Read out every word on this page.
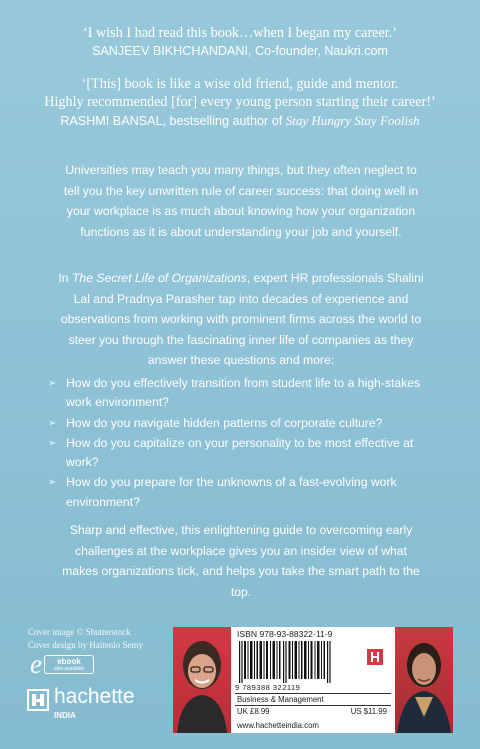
‘I wish I had read this book…when I began my career.’

SANJEEV BIKHCHANDANI, Co-founder, Naukri.com

‘[This] book is like a wise old friend, guide and mentor.

Highly recommended [for] every young person starting their career!’

RASHMI BANSAL, bestselling author of Stay Hungry Stay Foolish

Universities may teach you many things, but they often neglect to tell you the key unwritten rule of career success: that doing well in your workplace is as much about knowing how your organization functions as it is about understanding your job and yourself.

In The Secret Life of Organizations, expert HR professionals Shalini Lal and Pradnya Parasher tap into decades of experience and observations from working with prominent firms across the world to steer you through the fascinating inner life of companies as they answer these questions and more:

➢ How do you effectively transition from student life to a high-stakes work environment?
➢ How do you navigate hidden patterns of corporate culture?
➢ How do you capitalize on your personality to be most effective at work?
➢ How do you prepare for the unknowns of a fast-evolving work environment?

Sharp and effective, this enlightening guide to overcoming early challenges at the workplace gives you an insider view of what makes organizations tick, and helps you take the smart path to the top.

Cover image © Shutterstock
Cover design by Haitenlo Semy
e	ebook
also available
hachette
INDIA
ISBN 978-93-88322-11-9
9 789388 322119
Business & Management
UK £8.99	US $11.99
www.hachetteindia.com
